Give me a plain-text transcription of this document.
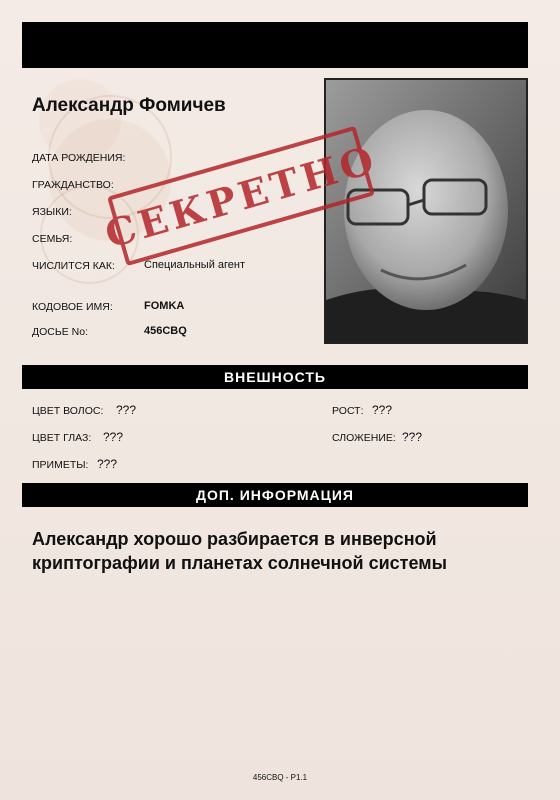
Александр Фомичев
ДАТА РОЖДЕНИЯ:
ГРАЖДАНСТВО:
ЯЗЫКИ:
СЕМЬЯ:
ЧИСЛИТСЯ КАК:	Специальный агент
КОДОВОЕ ИМЯ:	FOMKA
ДОСЬЕ No:	456CBQ
СЕКРЕТНО
ВНЕШНОСТЬ
ЦВЕТ ВОЛОС: ???	РОСТ: ???
ЦВЕТ ГЛАЗ: ???	СЛОЖЕНИЕ: ???
ПРИМЕТЫ: ???
ДОП. ИНФОРМАЦИЯ
Александр хорошо разбирается в инверсной криптографии и планетах солнечной системы
456CBQ - P1.1
